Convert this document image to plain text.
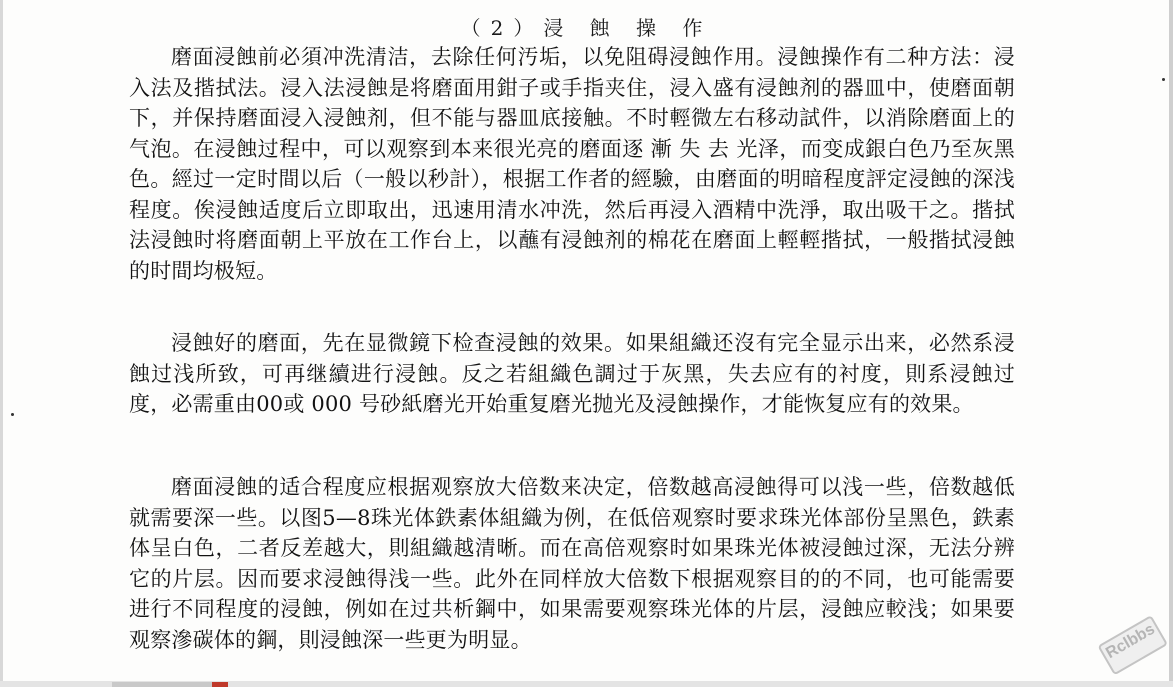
（2）浸 蝕 操 作

磨面浸蝕前必須冲洗清洁，去除任何汚垢，以免阻碍浸蝕作用。浸蝕操作有二种方法：浸入法及揩拭法。浸入法浸蝕是将磨面用鉗子或手指夹住，浸入盛有浸蝕剂的器皿中，使磨面朝下，并保持磨面浸入浸蝕剂，但不能与器皿底接触。不时輕微左右移动試件，以消除磨面上的气泡。在浸蝕过程中，可以观察到本来很光亮的磨面逐 漸 失 去 光泽，而变成銀白色乃至灰黑色。經过一定时間以后（一般以秒計），根据工作者的經驗，由磨面的明暗程度評定浸蝕的深浅程度。俟浸蝕适度后立即取出，迅速用清水冲洗，然后再浸入酒精中洗淨，取出吸干之。揩拭法浸蝕时将磨面朝上平放在工作台上，以蘸有浸蝕剂的棉花在磨面上輕輕揩拭，一般揩拭浸蝕的时間均极短。

浸蝕好的磨面，先在显微鏡下检查浸蝕的效果。如果組織还沒有完全显示出来，必然系浸蝕过浅所致，可再继續进行浸蝕。反之若組織色調过于灰黑，失去应有的衬度，則系浸蝕过度，必需重由00或 000 号砂紙磨光开始重复磨光抛光及浸蝕操作，才能恢复应有的效果。

磨面浸蝕的适合程度应根据观察放大倍数来决定，倍数越高浸蝕得可以浅一些，倍数越低就需要深一些。以图5—8珠光体鉄素体組織为例，在低倍观察时要求珠光体部份呈黑色，鉄素体呈白色，二者反差越大，則組織越清晰。而在高倍观察时如果珠光体被浸蝕过深，无法分辨它的片层。因而要求浸蝕得浅一些。此外在同样放大倍数下根据观察目的的不同，也可能需要进行不同程度的浸蝕，例如在过共析鋼中，如果需要观察珠光体的片层，浸蝕应較浅；如果要观察滲碳体的鋼，則浸蝕深一些更为明显。	Rclbbs
